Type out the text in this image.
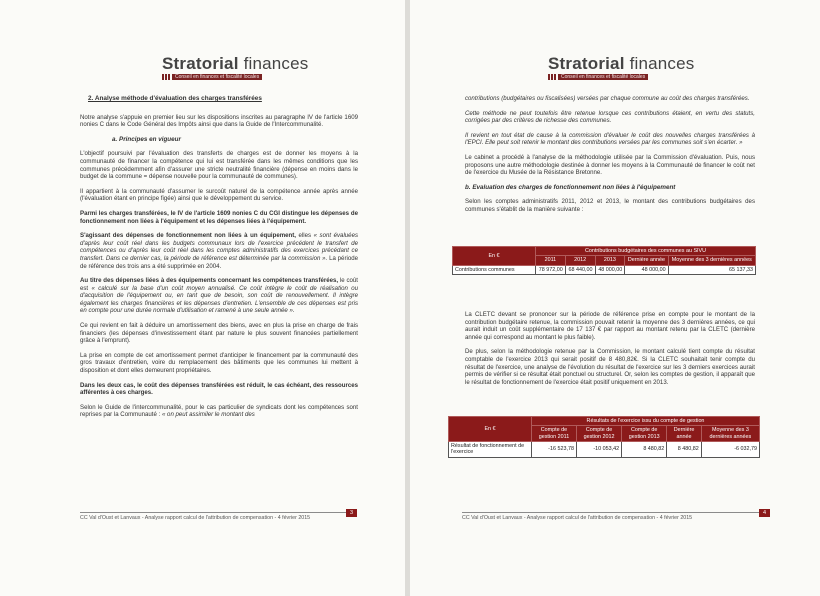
Stratorial finances
Conseil en finances et fiscalité locales

2. Analyse méthode d'évaluation des charges transférées

Notre analyse s'appuie en premier lieu sur les dispositions inscrites au paragraphe IV de l'article 1609 nonies C dans le Code Général des Impôts ainsi que dans la Guide de l'Intercommunalité.

a. Principes en vigueur

L'objectif poursuivi par l'évaluation des transferts de charges est de donner les moyens à la communauté de financer la compétence qui lui est transférée dans les mêmes conditions que les communes précédemment afin d'assurer une stricte neutralité financière (dépense en moins dans le budget de la commune = dépense nouvelle pour la communauté de communes).

Il appartient à la communauté d'assumer le surcoût naturel de la compétence année après année (l'évaluation étant en principe figée) ainsi que le développement du service.

Parmi les charges transférées, le IV de l'article 1609 nonies C du CGI distingue les dépenses de fonctionnement non liées à l'équipement et les dépenses liées à l'équipement.

S'agissant des dépenses de fonctionnement non liées à un équipement, elles « sont évaluées d'après leur coût réel dans les budgets communaux lors de l'exercice précédent le transfert de compétences ou d'après leur coût réel dans les comptes administratifs des exercices précédant ce transfert. Dans ce dernier cas, la période de référence est déterminée par la commission ». La période de référence des trois ans a été supprimée en 2004.

Au titre des dépenses liées à des équipements concernant les compétences transférées, le coût est « calculé sur la base d'un coût moyen annualisé. Ce coût intègre le coût de réalisation ou d'acquisition de l'équipement ou, en tant que de besoin, son coût de renouvellement. Il intègre également les charges financières et les dépenses d'entretien. L'ensemble de ces dépenses est pris en compte pour une durée normale d'utilisation et ramené à une seule année ».

Ce qui revient en fait à déduire un amortissement des biens, avec en plus la prise en charge de frais financiers (les dépenses d'investissement étant par nature le plus souvent financées partiellement grâce à l'emprunt).

La prise en compte de cet amortissement permet d'anticiper le financement par la communauté des gros travaux d'entretien, voire du remplacement des bâtiments que les communes lui mettent à disposition et dont elles demeurent propriétaires.

Dans les deux cas, le coût des dépenses transférées est réduit, le cas échéant, des ressources afférentes à ces charges.

Selon le Guide de l'intercommunalité, pour le cas particulier de syndicats dont les compétences sont reprises par la Communauté : « on peut assimiler le montant des

3
CC Val d'Oust et Lanvaux - Analyse rapport calcul de l'attribution de compensation - 4 février 2015
Stratorial finances
Conseil en finances et fiscalité locales

contributions (budgétaires ou fiscalisées) versées par chaque commune au coût des charges transférées.

Cette méthode ne peut toutefois être retenue lorsque ces contributions étaient, en vertu des statuts, corrigées par des critères de richesse des communes.

Il revient en tout état de cause à la commission d'évaluer le coût des nouvelles charges transférées à l'EPCI. Elle peut soit retenir le montant des contributions versées par les communes soit s'en écarter. »

Le cabinet a procédé à l'analyse de la méthodologie utilisée par la Commission d'évaluation. Puis, nous proposons une autre méthodologie destinée à donner les moyens à la Communauté de financer le coût net de l'exercice du Musée de la Résistance Bretonne.

b. Evaluation des charges de fonctionnement non liées à l'équipement

Selon les comptes administratifs 2011, 2012 et 2013, le montant des contributions budgétaires des communes s'établit de la manière suivante :

En €	Contributions budgétaires des communes au SIVU				
	2011	2012	2013	Dernière année	Moyenne des 3 dernières années
Contributions communes	78 972,00	68 440,00	48 000,00	48 000,00	65 137,33

La CLETC devant se prononcer sur la période de référence prise en compte pour le montant de la contribution budgétaire retenue, la commission pouvait retenir la moyenne des 3 dernières années, ce qui aurait induit un coût supplémentaire de 17 137 € par rapport au montant retenu par la CLETC (dernière année qui correspond au montant le plus faible).

De plus, selon la méthodologie retenue par la Commission, le montant calculé tient compte du résultat comptable de l'exercice 2013 qui serait positif de 8 480,82€. Si la CLETC souhaitait tenir compte du résultat de l'exercice, une analyse de l'évolution du résultat de l'exercice sur les 3 derniers exercices aurait permis de vérifier si ce résultat était ponctuel ou structurel. Or, selon les comptes de gestion, il apparaît que le résultat de fonctionnement de l'exercice était positif uniquement en 2013.

En €	Résultats de l'exercice issu du compte de gestion				
	Compte de gestion 2011	Compte de gestion 2012	Compte de gestion 2013	Dernière année	Moyenne des 3 dernières années
Résultat de fonctionnement de l'exercice	-16 523,78	-10 053,42	8 480,82	8 480,82	-6 032,79
4
CC Val d'Oust et Lanvaux - Analyse rapport calcul de l'attribution de compensation - 4 février 2015
